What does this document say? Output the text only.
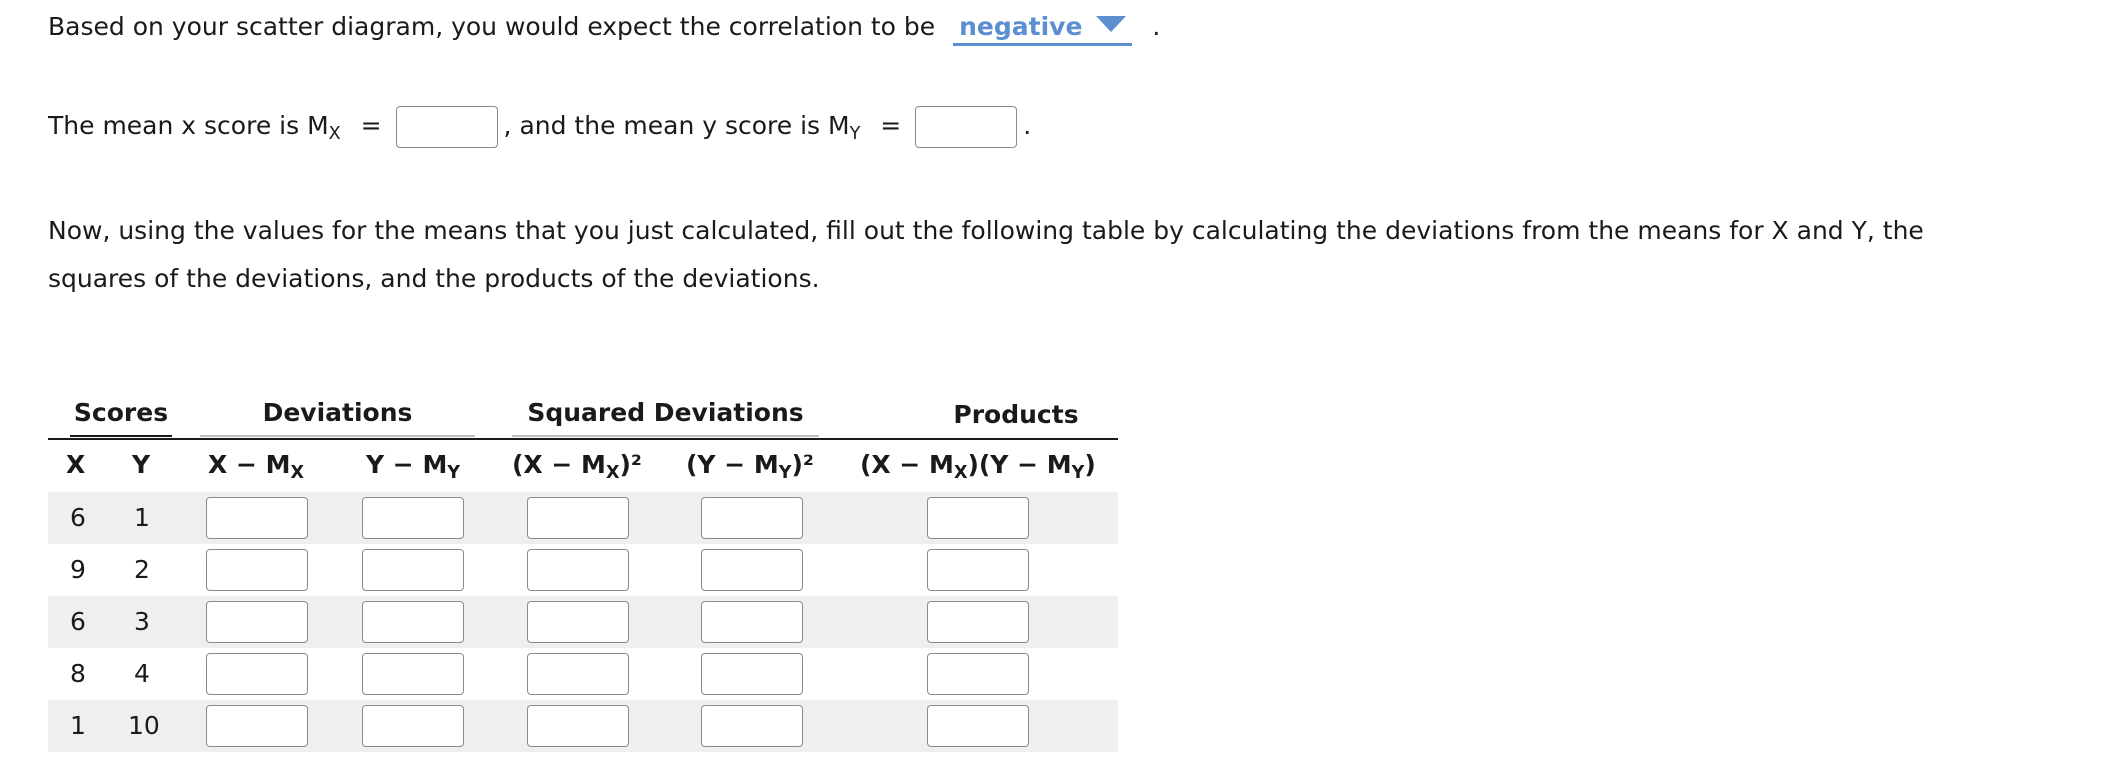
Based on your scatter diagram, you would expect the correlation to be negative	.
The mean x score is $M_X$ =	, and the mean y score is $M_Y$ =	.
Now, using the values for the means that you just calculated, fill out the following table by calculating the deviations from the means for X and Y, the squares of the deviations, and the products of the deviations.
Scores	Deviations	Squared Deviations	Products
X Y $X - M_X$ $Y - M_Y$ $(X - M_X)^2$ $(Y - M_Y)^2$ $(X - M_X)(Y - M_Y)$
6 1
9 2
6 3
8 4
1 10
